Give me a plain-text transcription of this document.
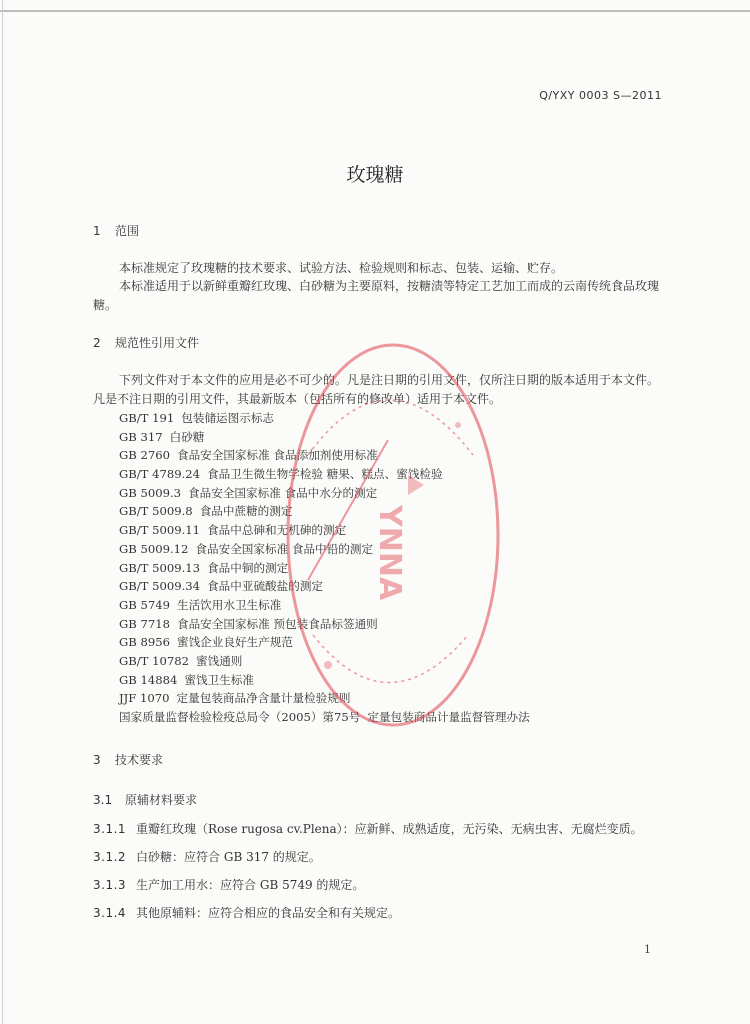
Q/YXY 0003 S—2011
玫瑰糖
1 范围
本标准规定了玫瑰糖的技术要求、试验方法、检验规则和标志、包装、运输、贮存。
本标准适用于以新鲜重瓣红玫瑰、白砂糖为主要原料，按糖渍等特定工艺加工而成的云南传统食品玫瑰糖。
2 规范性引用文件
下列文件对于本文件的应用是必不可少的。凡是注日期的引用文件，仅所注日期的版本适用于本文件。凡是不注日期的引用文件，其最新版本（包括所有的修改单）适用于本文件。
GB/T 191 包装储运图示标志
GB 317 白砂糖
GB 2760 食品安全国家标准 食品添加剂使用标准
GB/T 4789.24 食品卫生微生物学检验 糖果、糕点、蜜饯检验
GB 5009.3 食品安全国家标准 食品中水分的测定
GB/T 5009.8 食品中蔗糖的测定
GB/T 5009.11 食品中总砷和无机砷的测定
GB 5009.12 食品安全国家标准 食品中铅的测定
GB/T 5009.13 食品中铜的测定
GB/T 5009.34 食品中亚硫酸盐的测定
GB 5749 生活饮用水卫生标准
GB 7718 食品安全国家标准 预包装食品标签通则
GB 8956 蜜饯企业良好生产规范
GB/T 10782 蜜饯通则
GB 14884 蜜饯卫生标准
JJF 1070 定量包装商品净含量计量检验规则
国家质量监督检验检疫总局令（2005）第75号 定量包装商品计量监督管理办法
3 技术要求
3.1 原辅材料要求
3.1.1 重瓣红玫瑰（Rose rugosa cv.Plena）：应新鲜、成熟适度，无污染、无病虫害、无腐烂变质。
3.1.2 白砂糖：应符合 GB 317 的规定。
3.1.3 生产加工用水：应符合 GB 5749 的规定。
3.1.4 其他原辅料：应符合相应的食品安全和有关规定。
1
YNNA
